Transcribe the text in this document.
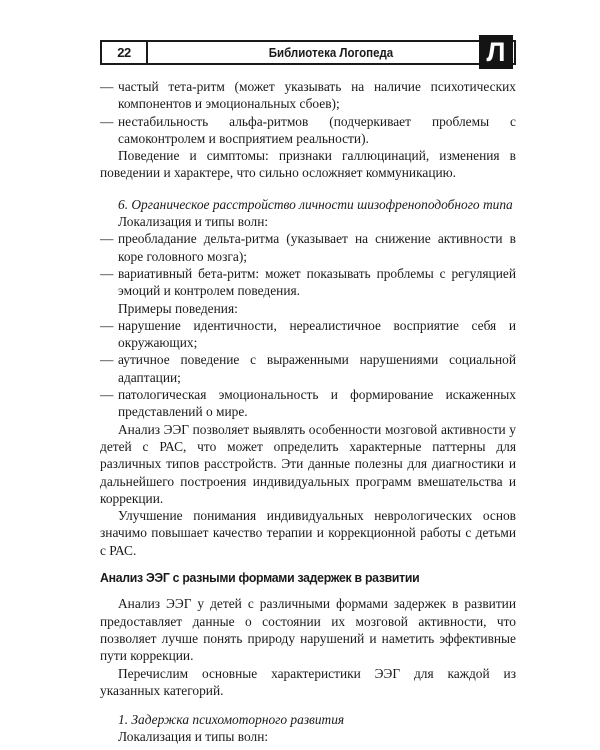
22	Библиотека Логопеда	Л
— частый тета-ритм (может указывать на наличие психотических компонентов и эмоциональных сбоев);
— нестабильность альфа-ритмов (подчеркивает проблемы с самоконтролем и восприятием реальности).

Поведение и симптомы: признаки галлюцинаций, изменения в поведении и характере, что сильно осложняет коммуникацию.

6. Органическое расстройство личности шизофреноподобного типа

Локализация и типы волн:

— преобладание дельта-ритма (указывает на снижение активности в коре головного мозга);
— вариативный бета-ритм: может показывать проблемы с регуляцией эмоций и контролем поведения.

Примеры поведения:

— нарушение идентичности, нереалистичное восприятие себя и окружающих;
— аутичное поведение с выраженными нарушениями социальной адаптации;
— патологическая эмоциональность и формирование искаженных представлений о мире.

Анализ ЭЭГ позволяет выявлять особенности мозговой активности у детей с РАС, что может определить характерные паттерны для различных типов расстройств. Эти данные полезны для диагностики и дальнейшего построения индивидуальных программ вмешательства и коррекции.

Улучшение понимания индивидуальных неврологических основ значимо повышает качество терапии и коррекционной работы с детьми с РАС.

Анализ ЭЭГ с разными формами задержек в развитии

Анализ ЭЭГ у детей с различными формами задержек в развитии предоставляет данные о состоянии их мозговой активности, что позволяет лучше понять природу нарушений и наметить эффективные пути коррекции.

Перечислим основные характеристики ЭЭГ для каждой из указанных категорий.

1. Задержка психомоторного развития

Локализация и типы волн:
